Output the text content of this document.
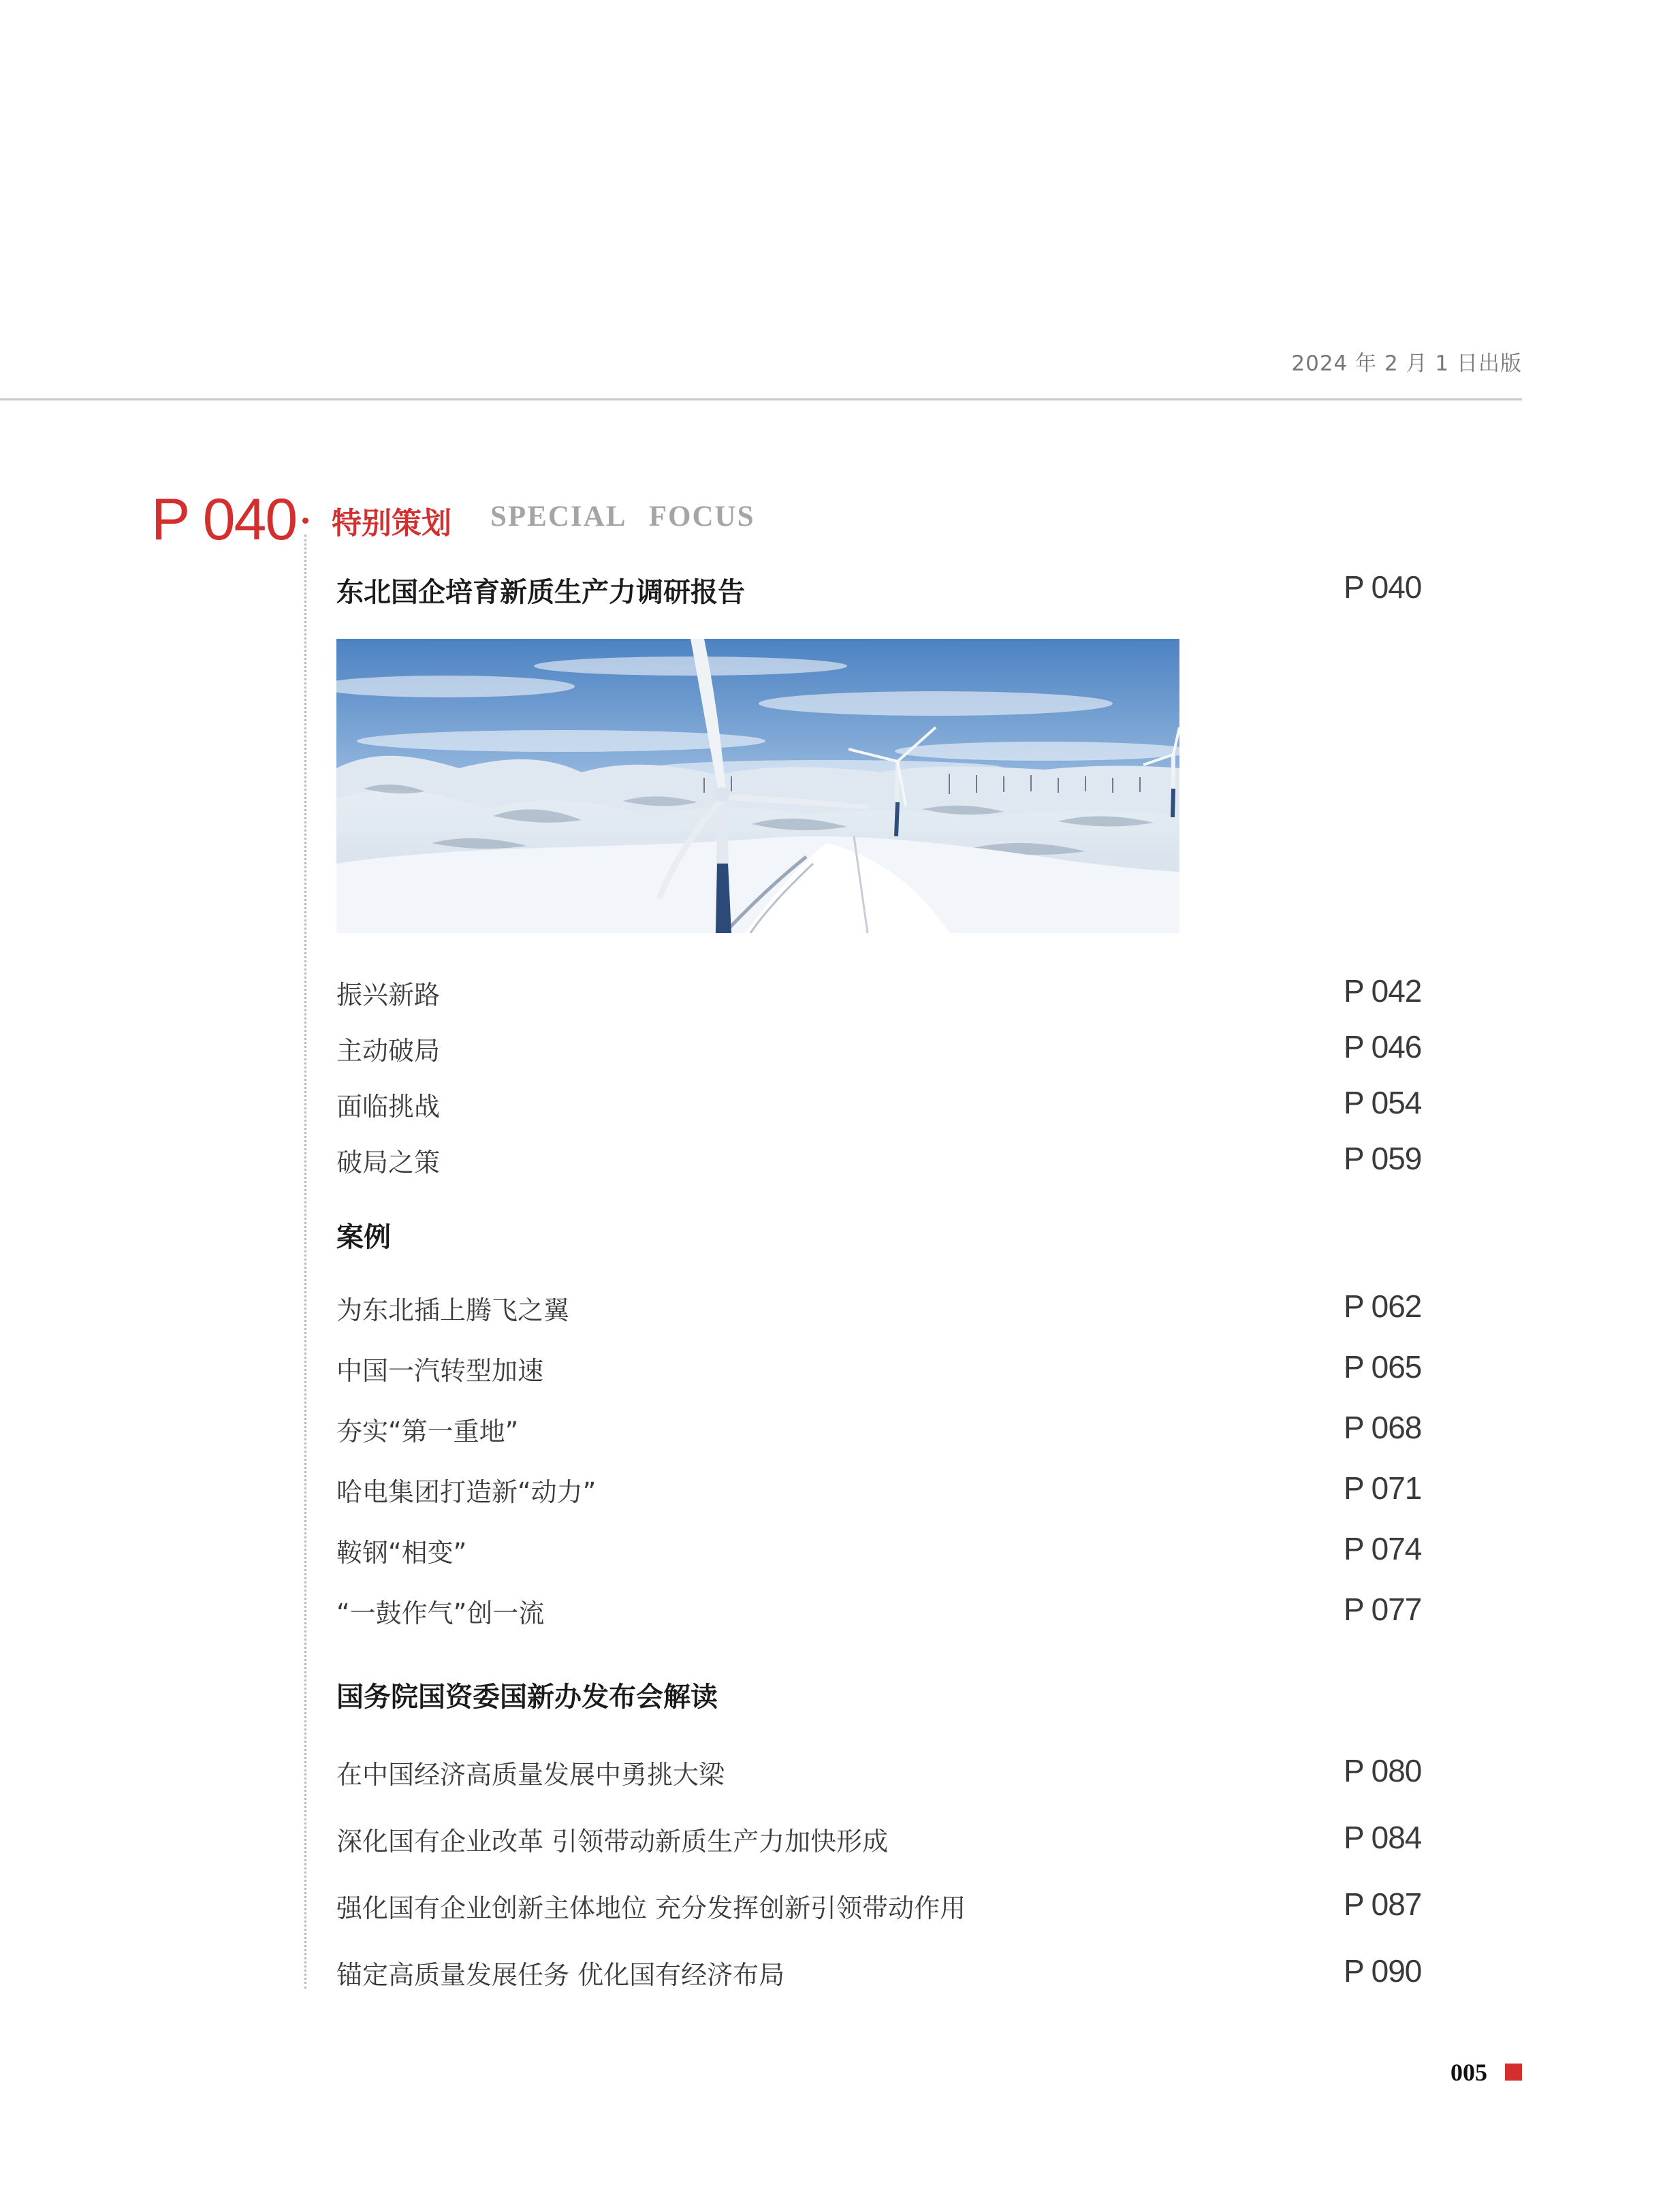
2024 年 2 月 1 日出版
P 040 特别策划 SPECIAL FOCUS
东北国企培育新质生产力调研报告	P 040
振兴新路	P 042
主动破局	P 046
面临挑战	P 054
破局之策	P 059
案例
为东北插上腾飞之翼	P 062
中国一汽转型加速	P 065
夯实“第一重地”	P 068
哈电集团打造新“动力”	P 071
鞍钢“相变”	P 074
“一鼓作气”创一流	P 077
国务院国资委国新办发布会解读
在中国经济高质量发展中勇挑大梁	P 080
深化国有企业改革 引领带动新质生产力加快形成	P 084
强化国有企业创新主体地位 充分发挥创新引领带动作用	P 087
锚定高质量发展任务 优化国有经济布局	P 090
005
